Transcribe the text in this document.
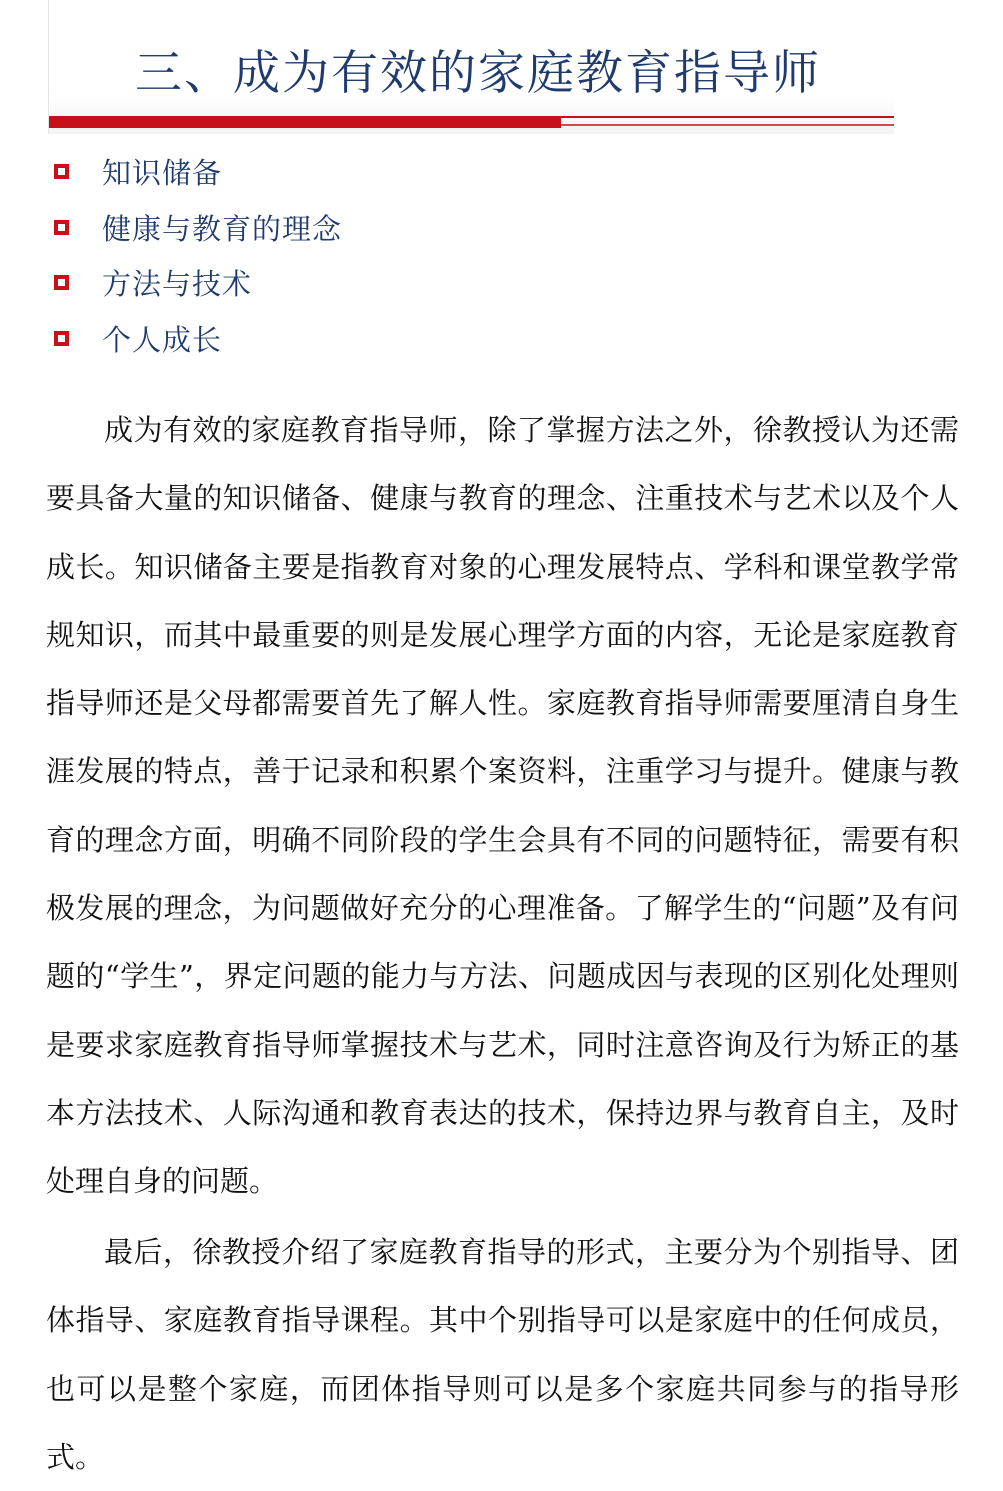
三、成为有效的家庭教育指导师
知识储备
健康与教育的理念
方法与技术
个人成长

成为有效的家庭教育指导师，除了掌握方法之外，徐教授认为还需要具备大量的知识储备、健康与教育的理念、注重技术与艺术以及个人成长。知识储备主要是指教育对象的心理发展特点、学科和课堂教学常规知识，而其中最重要的则是发展心理学方面的内容，无论是家庭教育指导师还是父母都需要首先了解人性。家庭教育指导师需要厘清自身生涯发展的特点，善于记录和积累个案资料，注重学习与提升。健康与教育的理念方面，明确不同阶段的学生会具有不同的问题特征，需要有积极发展的理念，为问题做好充分的心理准备。了解学生的“问题”及有问题的“学生”，界定问题的能力与方法、问题成因与表现的区别化处理则是要求家庭教育指导师掌握技术与艺术，同时注意咨询及行为矫正的基本方法技术、人际沟通和教育表达的技术，保持边界与教育自主，及时处理自身的问题。

最后，徐教授介绍了家庭教育指导的形式，主要分为个别指导、团体指导、家庭教育指导课程。其中个别指导可以是家庭中的任何成员，也可以是整个家庭，而团体指导则可以是多个家庭共同参与的指导形式。
